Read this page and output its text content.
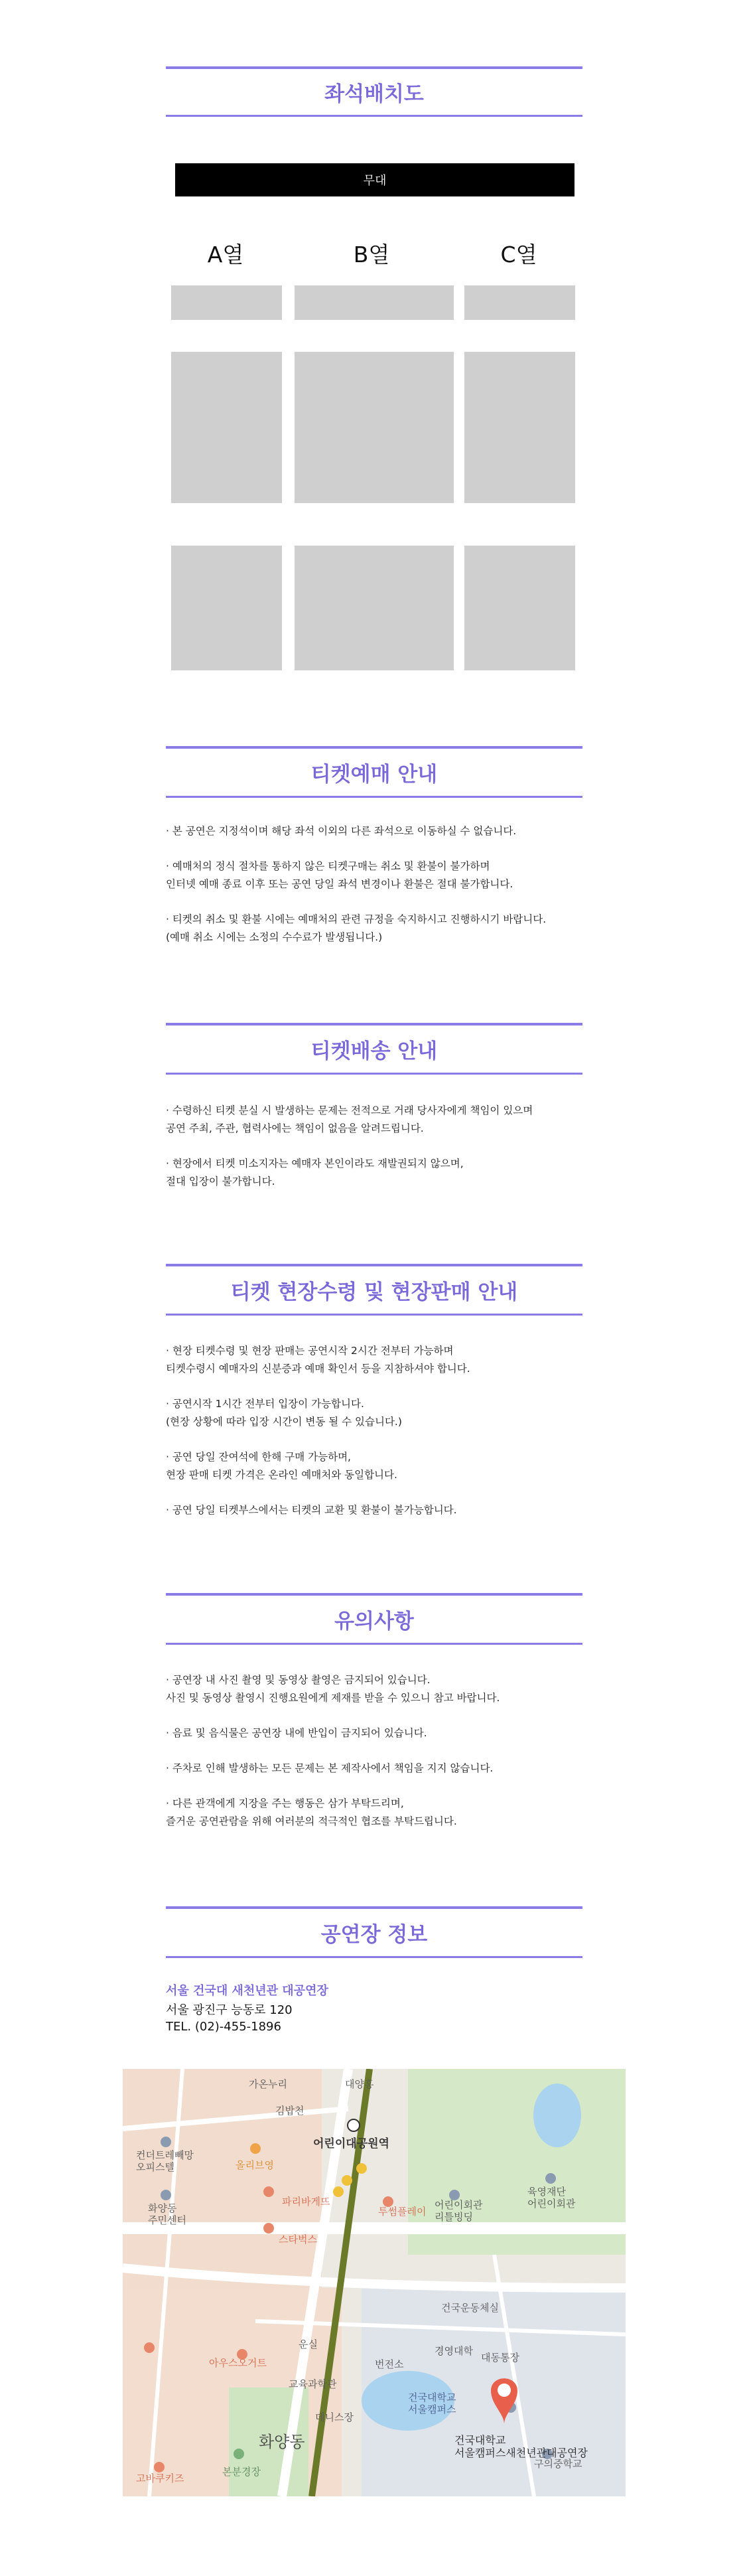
좌석배치도
무대
A열	B열	C열
티켓예매 안내

· 본 공연은 지정석이며 해당 좌석 이외의 다른 좌석으로 이동하실 수 없습니다.

· 예매처의 정식 절차를 통하지 않은 티켓구매는 취소 및 환불이 불가하며
인터넷 예매 종료 이후 또는 공연 당일 좌석 변경이나 환불은 절대 불가합니다.

· 티켓의 취소 및 환불 시에는 예매처의 관련 규정을 숙지하시고 진행하시기 바랍니다.
(예매 취소 시에는 소정의 수수료가 발생됩니다.)

티켓배송 안내

· 수령하신 티켓 분실 시 발생하는 문제는 전적으로 거래 당사자에게 책임이 있으며
공연 주최, 주관, 협력사에는 책임이 없음을 알려드립니다.

· 현장에서 티켓 미소지자는 예매자 본인이라도 재발권되지 않으며,
절대 입장이 불가합니다.

티켓 현장수령 및 현장판매 안내

· 현장 티켓수령 및 현장 판매는 공연시작 2시간 전부터 가능하며
티켓수령시 예매자의 신분증과 예매 확인서 등을 지참하셔야 합니다.

· 공연시작 1시간 전부터 입장이 가능합니다.
(현장 상황에 따라 입장 시간이 변동 될 수 있습니다.)

· 공연 당일 잔여석에 한해 구매 가능하며,
현장 판매 티켓 가격은 온라인 예매처와 동일합니다.

· 공연 당일 티켓부스에서는 티켓의 교환 및 환불이 불가능합니다.

유의사항

· 공연장 내 사진 촬영 및 동영상 촬영은 금지되어 있습니다.
사진 및 동영상 촬영시 진행요원에게 제재를 받을 수 있으니 참고 바랍니다.

· 음료 및 음식물은 공연장 내에 반입이 금지되어 있습니다.

· 주차로 인해 발생하는 모든 문제는 본 제작사에서 책임을 지지 않습니다.

· 다른 관객에게 지장을 주는 행동은 삼가 부탁드리며,
즐거운 공연관람을 위해 여러분의 적극적인 협조를 부탁드립니다.

공연장 정보
서울 건국대 새천년관 대공연장
서울 광진구 능동로 120
TEL. (02)-455-1896
대양홍
가온누리
김밥천
어린이대공원역
컨더트레빼망 오피스텔	올리브영
파리바게뜨
투썸플레이
스타벅스
화양동 주민센터
어린이회관 리틀빙딩
육영재단 어린이회관
건국운동체실
아우스오거트	번전소
경영대학
대동통장
교육과학관
데니스장
화양동
본분경장
고바쿠키즈
건국대학교 서울캠퍼스
구의중학교
운실
건국대학교 서울캠퍼스새천년관대공연장
